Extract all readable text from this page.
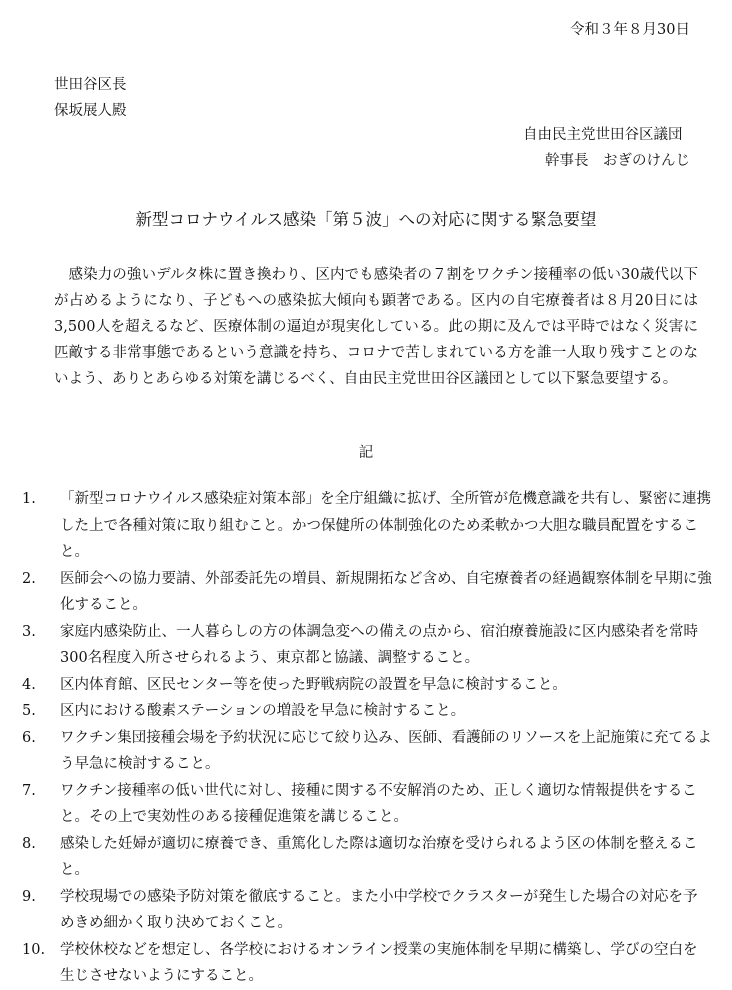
令和３年８月30日
世田谷区長
保坂展人殿
自由民主党世田谷区議団
幹事長　おぎのけんじ
新型コロナウイルス感染「第５波」への対応に関する緊急要望
感染力の強いデルタ株に置き換わり、区内でも感染者の７割をワクチン接種率の低い30歳代以下が占めるようになり、子どもへの感染拡大傾向も顕著である。区内の自宅療養者は８月20日には3,500人を超えるなど、医療体制の逼迫が現実化している。此の期に及んでは平時ではなく災害に匹敵する非常事態であるという意識を持ち、コロナで苦しまれている方を誰一人取り残すことのないよう、ありとあらゆる対策を講じるべく、自由民主党世田谷区議団として以下緊急要望する。
記
1.	「新型コロナウイルス感染症対策本部」を全庁組織に拡げ、全所管が危機意識を共有し、緊密に連携した上で各種対策に取り組むこと。かつ保健所の体制強化のため柔軟かつ大胆な職員配置をすること。
2.	医師会への協力要請、外部委託先の増員、新規開拓など含め、自宅療養者の経過観察体制を早期に強化すること。
3.	家庭内感染防止、一人暮らしの方の体調急変への備えの点から、宿泊療養施設に区内感染者を常時300名程度入所させられるよう、東京都と協議、調整すること。
4.	区内体育館、区民センター等を使った野戦病院の設置を早急に検討すること。
5.	区内における酸素ステーションの増設を早急に検討すること。
6.	ワクチン集団接種会場を予約状況に応じて絞り込み、医師、看護師のリソースを上記施策に充てるよう早急に検討すること。
7.	ワクチン接種率の低い世代に対し、接種に関する不安解消のため、正しく適切な情報提供をすること。その上で実効性のある接種促進策を講じること。
8.	感染した妊婦が適切に療養でき、重篤化した際は適切な治療を受けられるよう区の体制を整えること。
9.	学校現場での感染予防対策を徹底すること。また小中学校でクラスターが発生した場合の対応を予めきめ細かく取り決めておくこと。
10.	学校休校などを想定し、各学校におけるオンライン授業の実施体制を早期に構築し、学びの空白を生じさせないようにすること。
